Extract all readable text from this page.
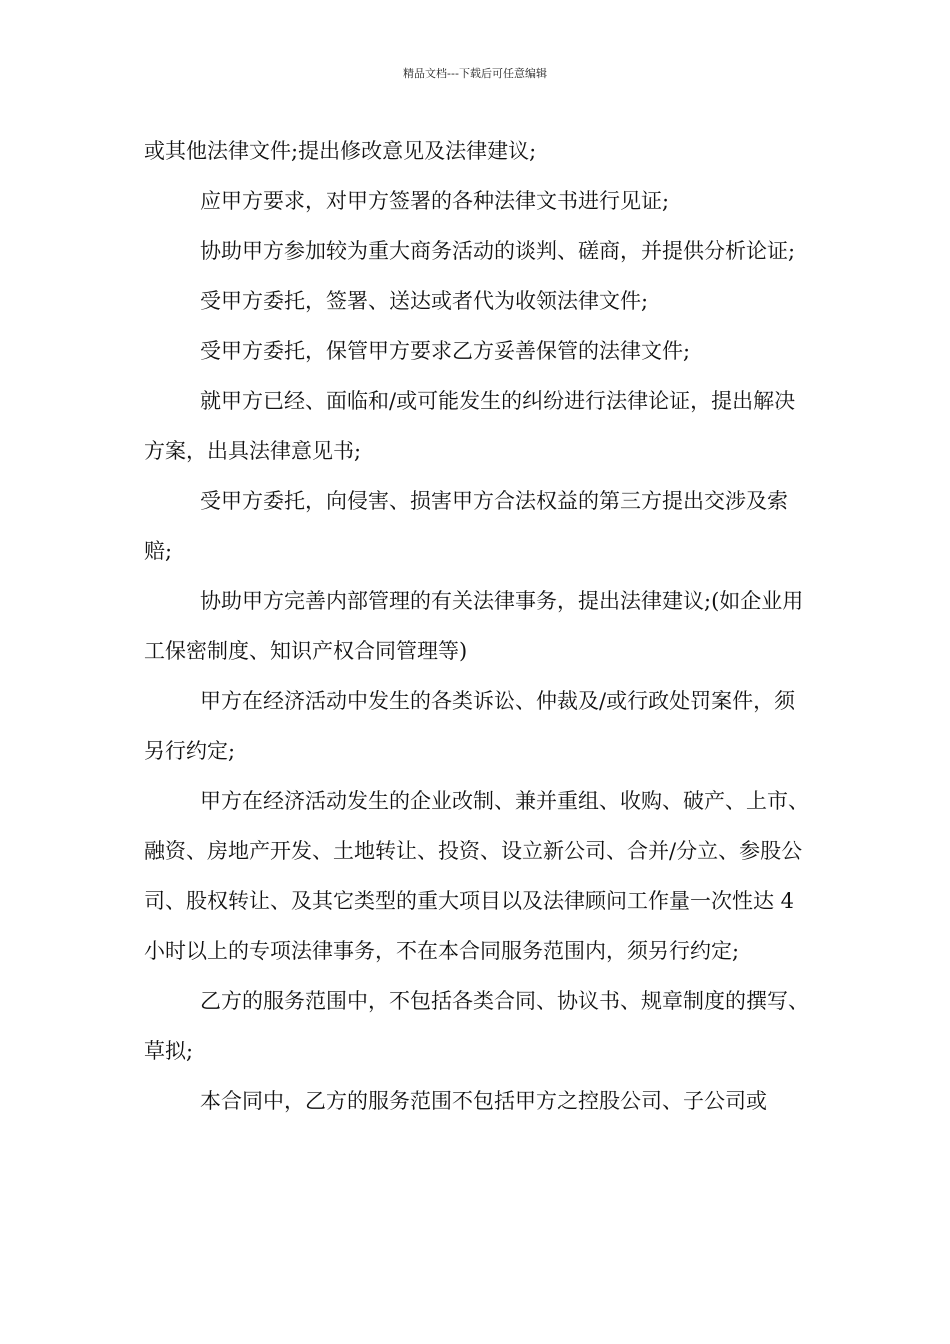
精品文档---下载后可任意编辑

或其他法律文件;提出修改意见及法律建议;

应甲方要求，对甲方签署的各种法律文书进行见证;

协助甲方参加较为重大商务活动的谈判、磋商，并提供分析论证;

受甲方委托，签署、送达或者代为收领法律文件;

受甲方委托，保管甲方要求乙方妥善保管的法律文件;

就甲方已经、面临和/或可能发生的纠纷进行法律论证，提出解决方案，出具法律意见书;

受甲方委托，向侵害、损害甲方合法权益的第三方提出交涉及索赔;

协助甲方完善内部管理的有关法律事务，提出法律建议;(如企业用工保密制度、知识产权合同管理等)

甲方在经济活动中发生的各类诉讼、仲裁及/或行政处罚案件，须另行约定;

甲方在经济活动发生的企业改制、兼并重组、收购、破产、上市、融资、房地产开发、土地转让、投资、设立新公司、合并/分立、参股公司、股权转让、及其它类型的重大项目以及法律顾问工作量一次性达 4 小时以上的专项法律事务，不在本合同服务范围内，须另行约定;

乙方的服务范围中，不包括各类合同、协议书、规章制度的撰写、草拟;

本合同中，乙方的服务范围不包括甲方之控股公司、子公司或
